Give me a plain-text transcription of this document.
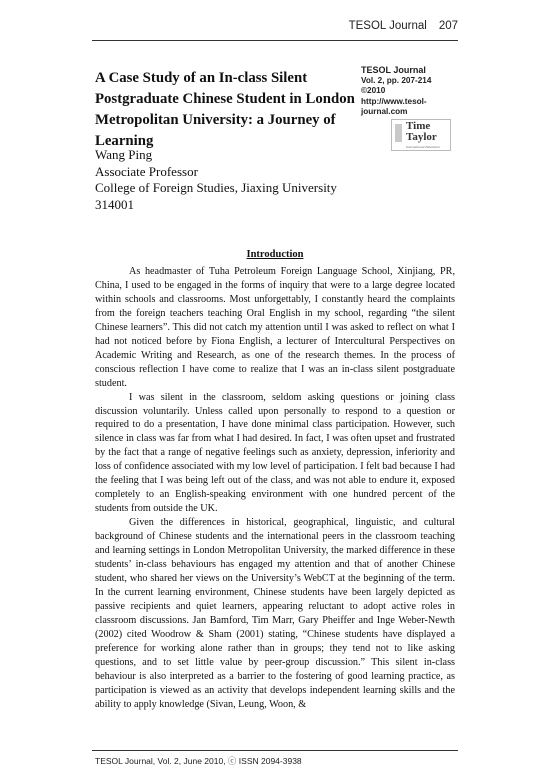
TESOL Journal 207
A Case Study of an In-class Silent Postgraduate Chinese Student in London Metropolitan University: a Journey of Learning
TESOL Journal
Vol. 2, pp. 207-214
©2010
http://www.tesol-
journal.com
Time
Taylor
International Education
Wang Ping
Associate Professor
College of Foreign Studies, Jiaxing University
314001
Introduction

As headmaster of Tuha Petroleum Foreign Language School, Xinjiang, PR, China, I used to be engaged in the forms of inquiry that were to a large degree located within schools and classrooms. Most unforgettably, I constantly heard the complaints from the foreign teachers teaching Oral English in my school, regarding “the silent Chinese learners”. This did not catch my attention until I was asked to reflect on what I had not noticed before by Fiona English, a lecturer of Intercultural Perspectives on Academic Writing and Research, as one of the research themes. In the process of conscious reflection I have come to realize that I was an in-class silent postgraduate student.

I was silent in the classroom, seldom asking questions or joining class discussion voluntarily. Unless called upon personally to respond to a question or required to do a presentation, I have done minimal class participation. However, such silence in class was far from what I had desired. In fact, I was often upset and frustrated by the fact that a range of negative feelings such as anxiety, depression, inferiority and loss of confidence associated with my low level of participation. I felt bad because I had the feeling that I was being left out of the class, and was not able to endure it, exposed completely to an English-speaking environment with one hundred percent of the students from outside the UK.

Given the differences in historical, geographical, linguistic, and cultural background of Chinese students and the international peers in the classroom teaching and learning settings in London Metropolitan University, the marked difference in these students’ in-class behaviours has engaged my attention and that of another Chinese student, who shared her views on the University’s WebCT at the beginning of the term. In the current learning environment, Chinese students have been largely depicted as passive recipients and quiet learners, appearing reluctant to adopt active roles in classroom discussions. Jan Bamford, Tim Marr, Gary Pheiffer and Inge Weber-Newth (2002) cited Woodrow & Sham (2001) stating, “Chinese students have displayed a preference for working alone rather than in groups; they tend not to like asking questions, and to set little value by peer-group discussion.” This silent in-class behaviour is also interpreted as a barrier to the fostering of good learning practice, as participation is viewed as an activity that develops independent learning skills and the ability to apply knowledge (Sivan, Leung, Woon, &

TESOL Journal, Vol. 2, June 2010, ⓒ ISSN 2094-3938
